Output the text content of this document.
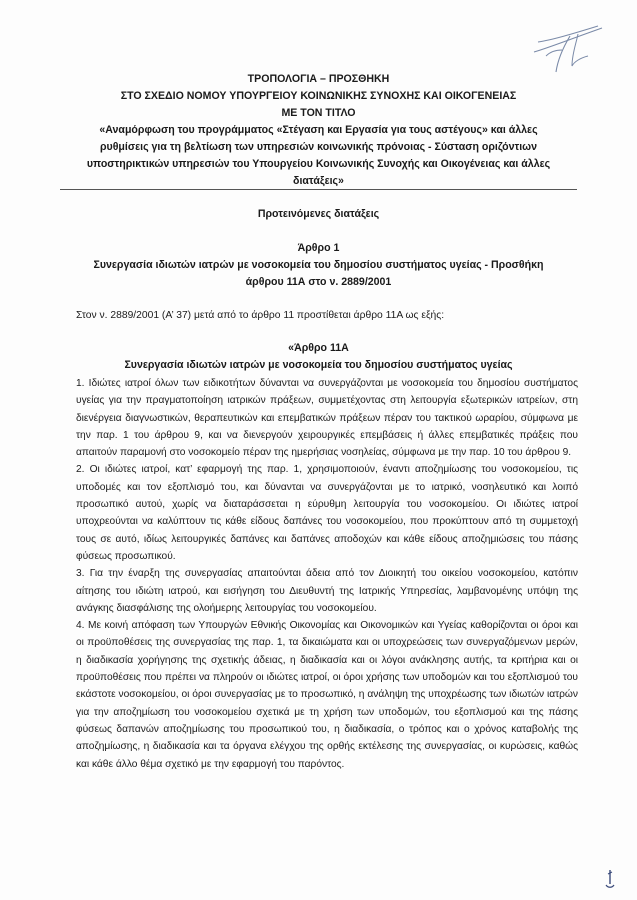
ΤΡΟΠΟΛΟΓΙΑ – ΠΡΟΣΘΗΚΗ
ΣΤΟ ΣΧΕΔΙΟ ΝΟΜΟΥ ΥΠΟΥΡΓΕΙΟΥ ΚΟΙΝΩΝΙΚΗΣ ΣΥΝΟΧΗΣ ΚΑΙ ΟΙΚΟΓΕΝΕΙΑΣ
ΜΕ ΤΟΝ ΤΙΤΛΟ
«Αναμόρφωση του προγράμματος «Στέγαση και Εργασία για τους αστέγους» και άλλες
ρυθμίσεις για τη βελτίωση των υπηρεσιών κοινωνικής πρόνοιας - Σύσταση οριζόντιων
υποστηρικτικών υπηρεσιών του Υπουργείου Κοινωνικής Συνοχής και Οικογένειας και άλλες
διατάξεις»
Προτεινόμενες διατάξεις
Άρθρο 1
Συνεργασία ιδιωτών ιατρών με νοσοκομεία του δημοσίου συστήματος υγείας - Προσθήκη
άρθρου 11Α στο ν. 2889/2001
Στον ν. 2889/2001 (Α’ 37) μετά από το άρθρο 11 προστίθεται άρθρο 11Α ως εξής:
«Άρθρο 11Α
Συνεργασία ιδιωτών ιατρών με νοσοκομεία του δημοσίου συστήματος υγείας

1. Ιδιώτες ιατροί όλων των ειδικοτήτων δύνανται να συνεργάζονται με νοσοκομεία του δημοσίου συστήματος υγείας για την πραγματοποίηση ιατρικών πράξεων, συμμετέχοντας στη λειτουργία εξωτερικών ιατρείων, στη διενέργεια διαγνωστικών, θεραπευτικών και επεμβατικών πράξεων πέραν του τακτικού ωραρίου, σύμφωνα με την παρ. 1 του άρθρου 9, και να διενεργούν χειρουργικές επεμβάσεις ή άλλες επεμβατικές πράξεις που απαιτούν παραμονή στο νοσοκομείο πέραν της ημερήσιας νοσηλείας, σύμφωνα με την παρ. 10 του άρθρου 9.

2. Οι ιδιώτες ιατροί, κατ’ εφαρμογή της παρ. 1, χρησιμοποιούν, έναντι αποζημίωσης του νοσοκομείου, τις υποδομές και τον εξοπλισμό του, και δύνανται να συνεργάζονται με το ιατρικό, νοσηλευτικό και λοιπό προσωπικό αυτού, χωρίς να διαταράσσεται η εύρυθμη λειτουργία του νοσοκομείου. Οι ιδιώτες ιατροί υποχρεούνται να καλύπτουν τις κάθε είδους δαπάνες του νοσοκομείου, που προκύπτουν από τη συμμετοχή τους σε αυτό, ιδίως λειτουργικές δαπάνες και δαπάνες αποδοχών και κάθε είδους αποζημιώσεις του πάσης φύσεως προσωπικού.

3. Για την έναρξη της συνεργασίας απαιτούνται άδεια από τον Διοικητή του οικείου νοσοκομείου, κατόπιν αίτησης του ιδιώτη ιατρού, και εισήγηση του Διευθυντή της Ιατρικής Υπηρεσίας, λαμβανομένης υπόψη της ανάγκης διασφάλισης της ολοήμερης λειτουργίας του νοσοκομείου.

4. Με κοινή απόφαση των Υπουργών Εθνικής Οικονομίας και Οικονομικών και Υγείας καθορίζονται οι όροι και οι προϋποθέσεις της συνεργασίας της παρ. 1, τα δικαιώματα και οι υποχρεώσεις των συνεργαζόμενων μερών, η διαδικασία χορήγησης της σχετικής άδειας, η διαδικασία και οι λόγοι ανάκλησης αυτής, τα κριτήρια και οι προϋποθέσεις που πρέπει να πληρούν οι ιδιώτες ιατροί, οι όροι χρήσης των υποδομών και του εξοπλισμού του εκάστοτε νοσοκομείου, οι όροι συνεργασίας με το προσωπικό, η ανάληψη της υποχρέωσης των ιδιωτών ιατρών για την αποζημίωση του νοσοκομείου σχετικά με τη χρήση των υποδομών, του εξοπλισμού και της πάσης φύσεως δαπανών αποζημίωσης του προσωπικού του, η διαδικασία, ο τρόπος και ο χρόνος καταβολής της αποζημίωσης, η διαδικασία και τα όργανα ελέγχου της ορθής εκτέλεσης της συνεργασίας, οι κυρώσεις, καθώς και κάθε άλλο θέμα σχετικό με την εφαρμογή του παρόντος.
